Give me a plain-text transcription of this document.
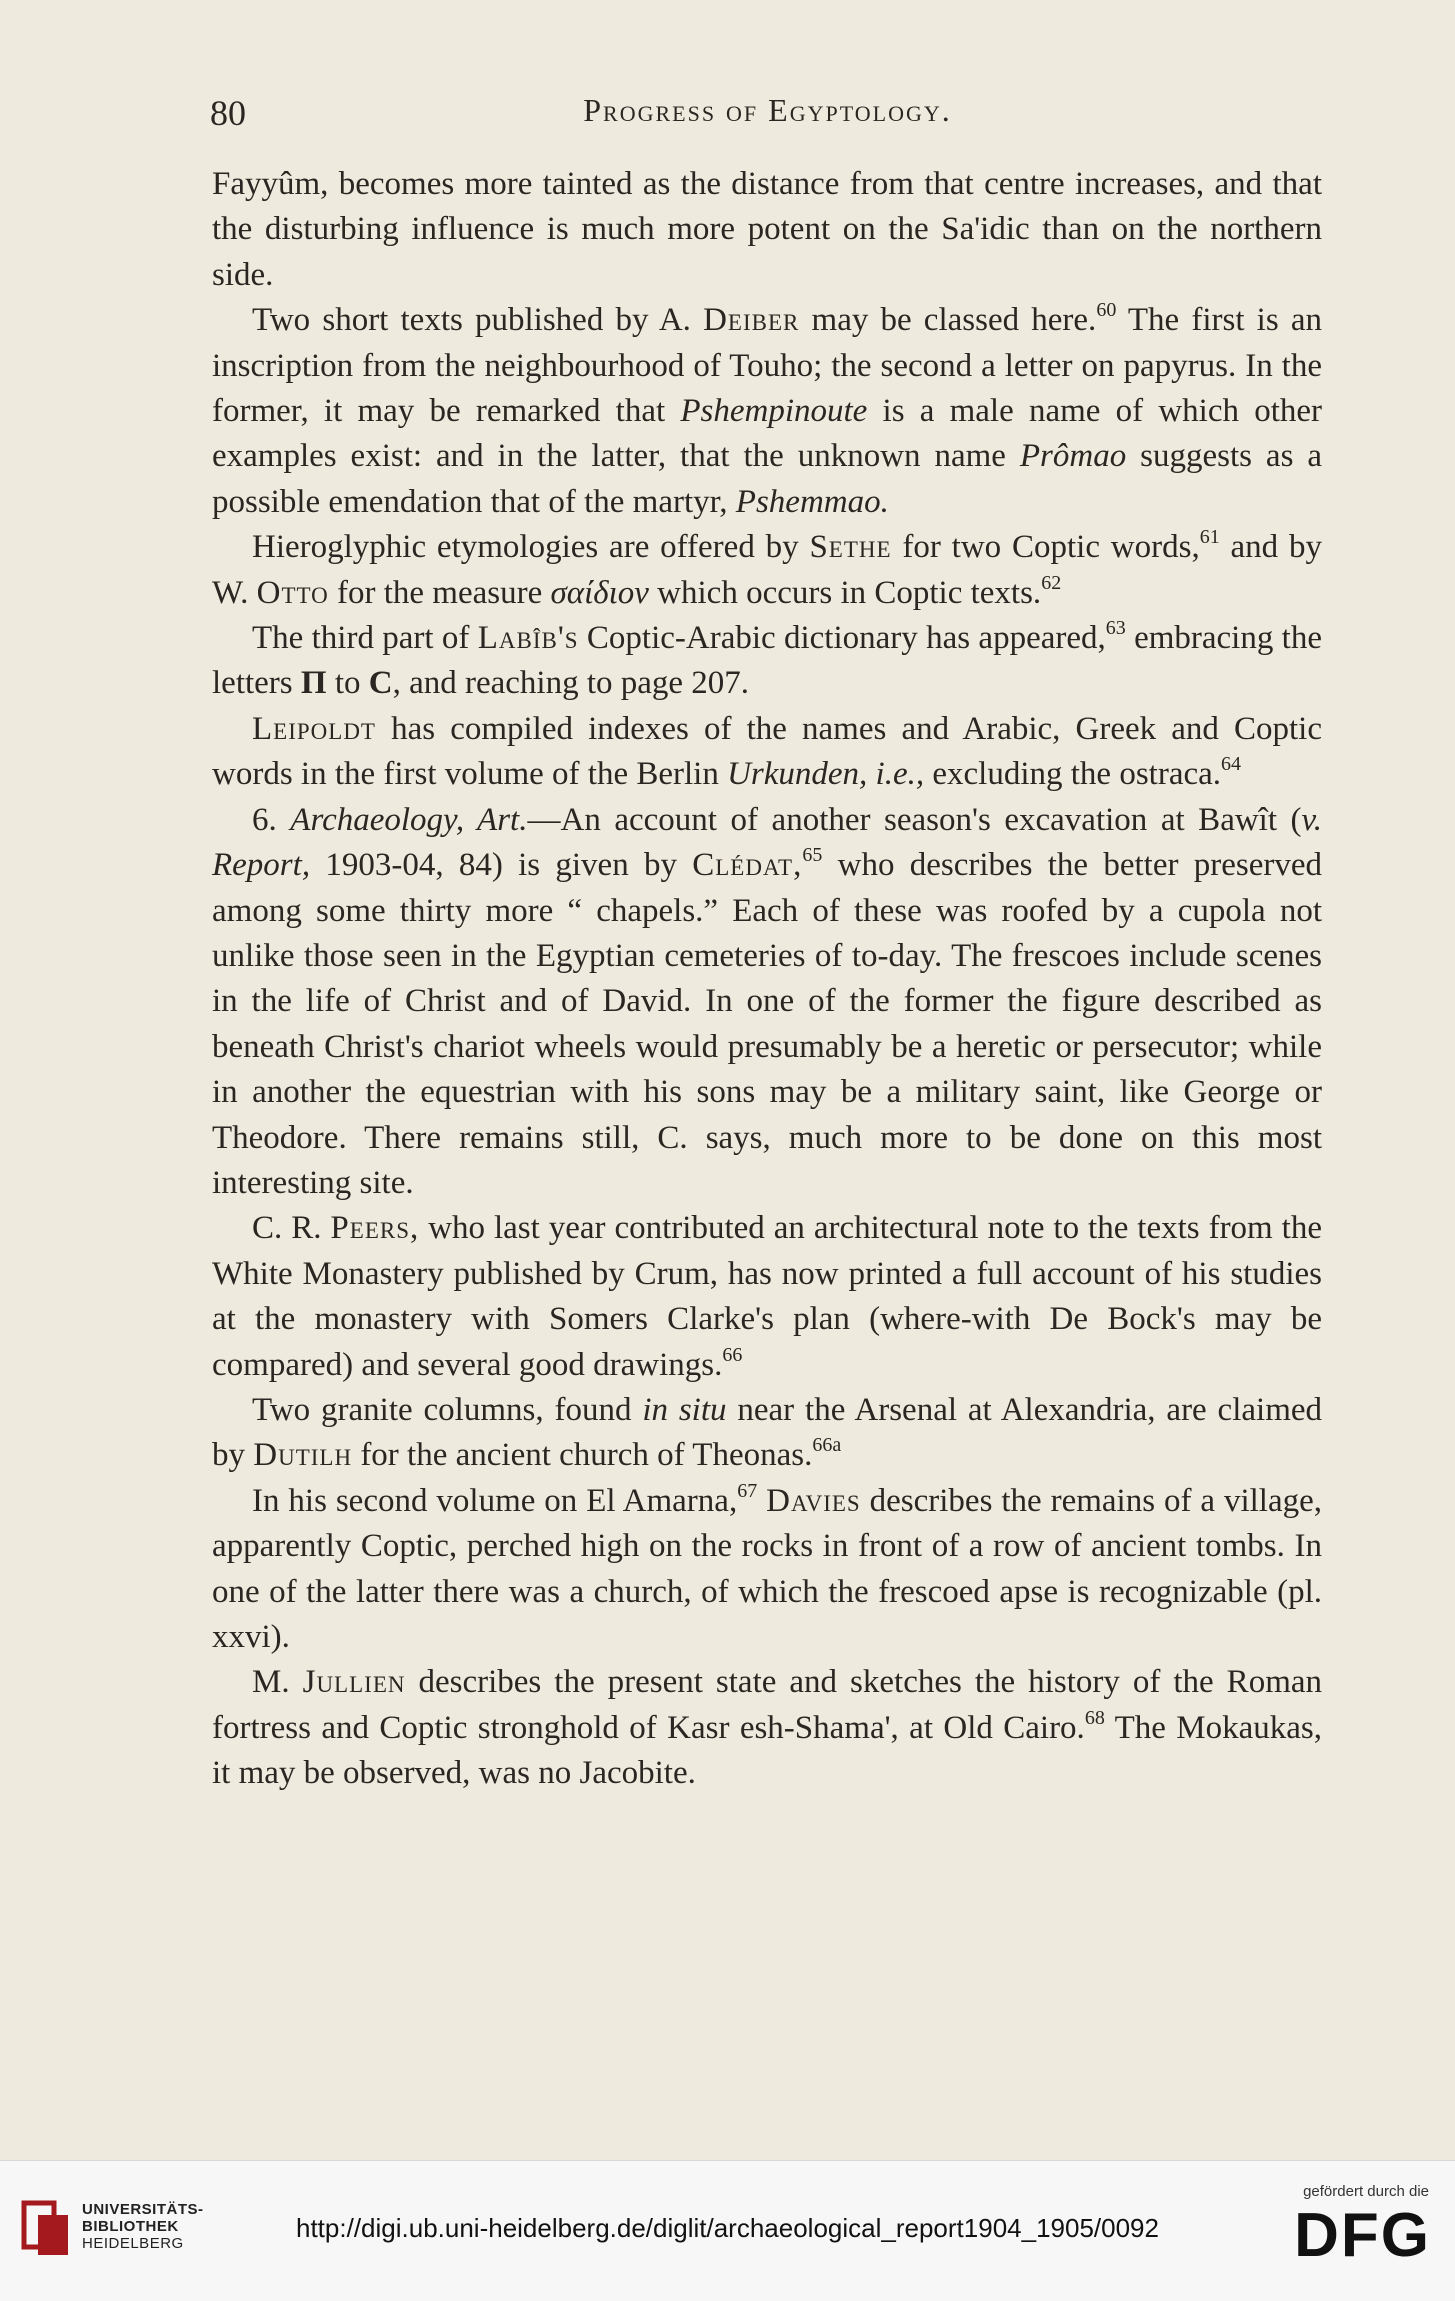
80	Progress of Egyptology.

Fayyûm, becomes more tainted as the distance from that centre increases, and that the disturbing influence is much more potent on the Sa'idic than on the northern side.

Two short texts published by A. Deiber may be classed here.$^{60}$ The first is an inscription from the neighbourhood of Touho; the second a letter on papyrus. In the former, it may be remarked that Pshempinoute is a male name of which other examples exist: and in the latter, that the unknown name Prômao suggests as a possible emendation that of the martyr, Pshemmao.

Hieroglyphic etymologies are offered by Sethe for two Coptic words,$^{61}$ and by W. Otto for the measure σαίδιον which occurs in Coptic texts.$^{62}$

The third part of Labîb's Coptic-Arabic dictionary has appeared,$^{63}$ embracing the letters Π to C, and reaching to page 207.

Leipoldt has compiled indexes of the names and Arabic, Greek and Coptic words in the first volume of the Berlin Urkunden, i.e., excluding the ostraca.$^{64}$

6. Archaeology, Art.—An account of another season's excavation at Bawît (v. Report, 1903-04, 84) is given by Clédat,$^{65}$ who describes the better preserved among some thirty more “ chapels.” Each of these was roofed by a cupola not unlike those seen in the Egyptian cemeteries of to-day. The frescoes include scenes in the life of Christ and of David. In one of the former the figure described as beneath Christ's chariot wheels would presumably be a heretic or persecutor; while in another the equestrian with his sons may be a military saint, like George or Theodore. There remains still, C. says, much more to be done on this most interesting site.

C. R. Peers, who last year contributed an architectural note to the texts from the White Monastery published by Crum, has now printed a full account of his studies at the monastery with Somers Clarke's plan (where-with De Bock's may be compared) and several good drawings.$^{66}$

Two granite columns, found in situ near the Arsenal at Alexandria, are claimed by Dutilh for the ancient church of Theonas.$^{66a}$

In his second volume on El Amarna,$^{67}$ Davies describes the remains of a village, apparently Coptic, perched high on the rocks in front of a row of ancient tombs. In one of the latter there was a church, of which the frescoed apse is recognizable (pl. xxvi).

M. Jullien describes the present state and sketches the history of the Roman fortress and Coptic stronghold of Kasr esh-Shama', at Old Cairo.$^{68}$ The Mokaukas, it may be observed, was no Jacobite.

UNIVERSITÄTS-
BIBLIOTHEK
HEIDELBERG
http://digi.ub.uni-heidelberg.de/diglit/archaeological_report1904_1905/0092
gefördert durch die
DFG
